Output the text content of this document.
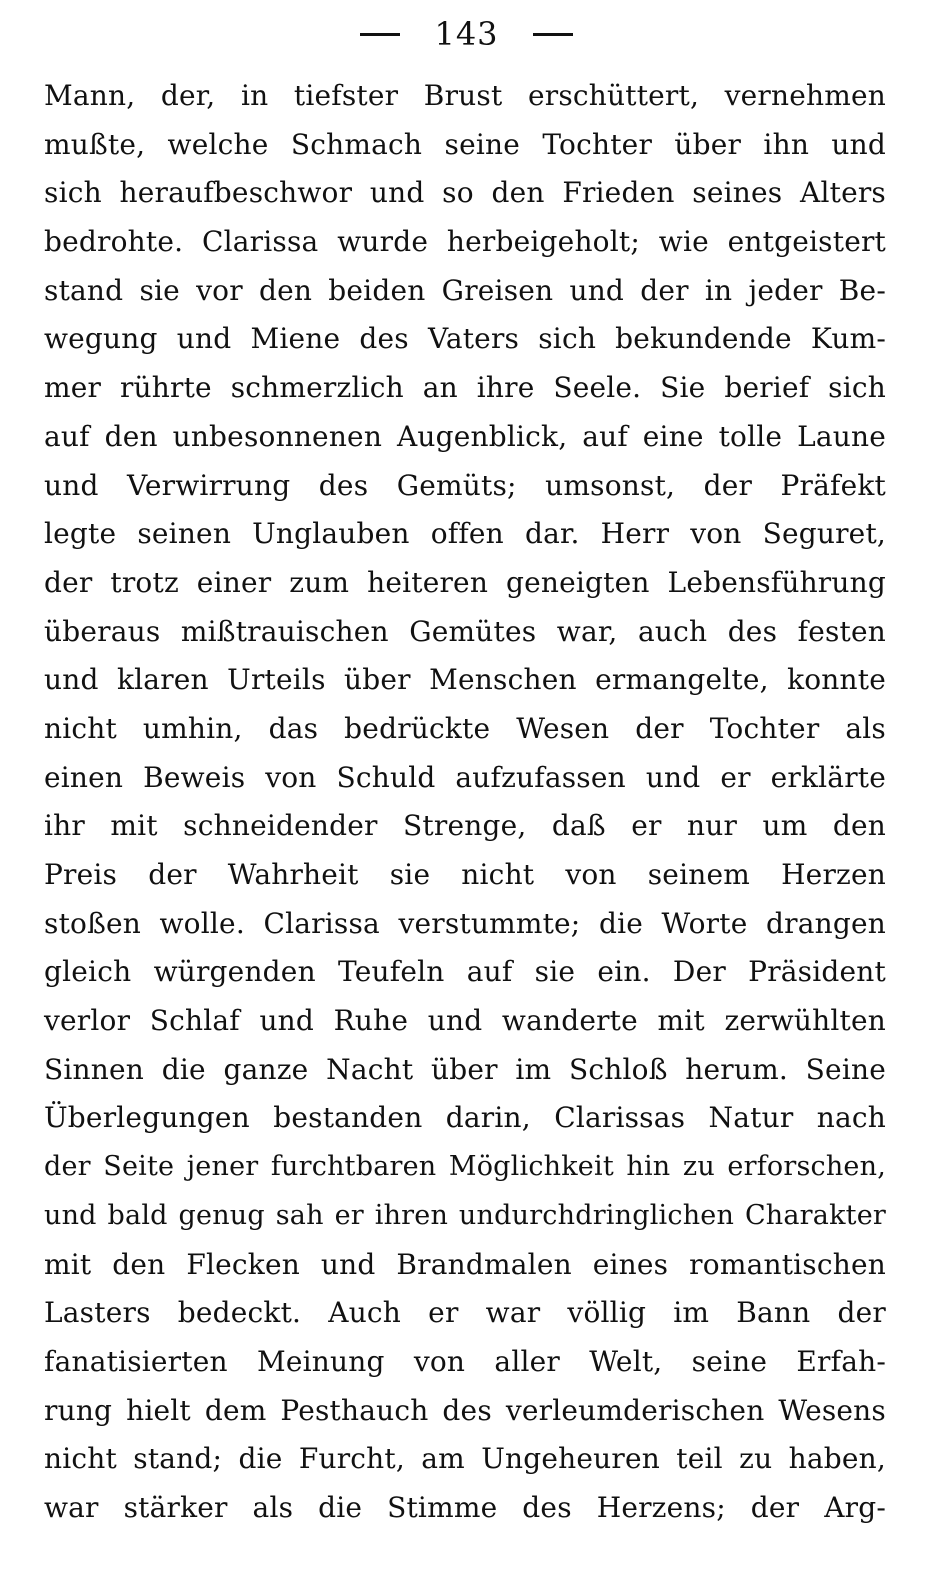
143
Mann, der, in tiefster Brust erschüttert, vernehmen
mußte, welche Schmach seine Tochter über ihn und
sich heraufbeschwor und so den Frieden seines Alters
bedrohte. Clarissa wurde herbeigeholt; wie entgeistert
stand sie vor den beiden Greisen und der in jeder Be-
wegung und Miene des Vaters sich bekundende Kum-
mer rührte schmerzlich an ihre Seele. Sie berief sich
auf den unbesonnenen Augenblick, auf eine tolle Laune
und Verwirrung des Gemüts; umsonst, der Präfekt
legte seinen Unglauben offen dar. Herr von Seguret,
der trotz einer zum heiteren geneigten Lebensführung
überaus mißtrauischen Gemütes war, auch des festen
und klaren Urteils über Menschen ermangelte, konnte
nicht umhin, das bedrückte Wesen der Tochter als
einen Beweis von Schuld aufzufassen und er erklärte
ihr mit schneidender Strenge, daß er nur um den
Preis der Wahrheit sie nicht von seinem Herzen
stoßen wolle. Clarissa verstummte; die Worte drangen
gleich würgenden Teufeln auf sie ein. Der Präsident
verlor Schlaf und Ruhe und wanderte mit zerwühlten
Sinnen die ganze Nacht über im Schloß herum. Seine
Überlegungen bestanden darin, Clarissas Natur nach
der Seite jener furchtbaren Möglichkeit hin zu erforschen,
und bald genug sah er ihren undurchdringlichen Charakter
mit den Flecken und Brandmalen eines romantischen
Lasters bedeckt. Auch er war völlig im Bann der
fanatisierten Meinung von aller Welt, seine Erfah-
rung hielt dem Pesthauch des verleumderischen Wesens
nicht stand; die Furcht, am Ungeheuren teil zu haben,
war stärker als die Stimme des Herzens; der Arg-
